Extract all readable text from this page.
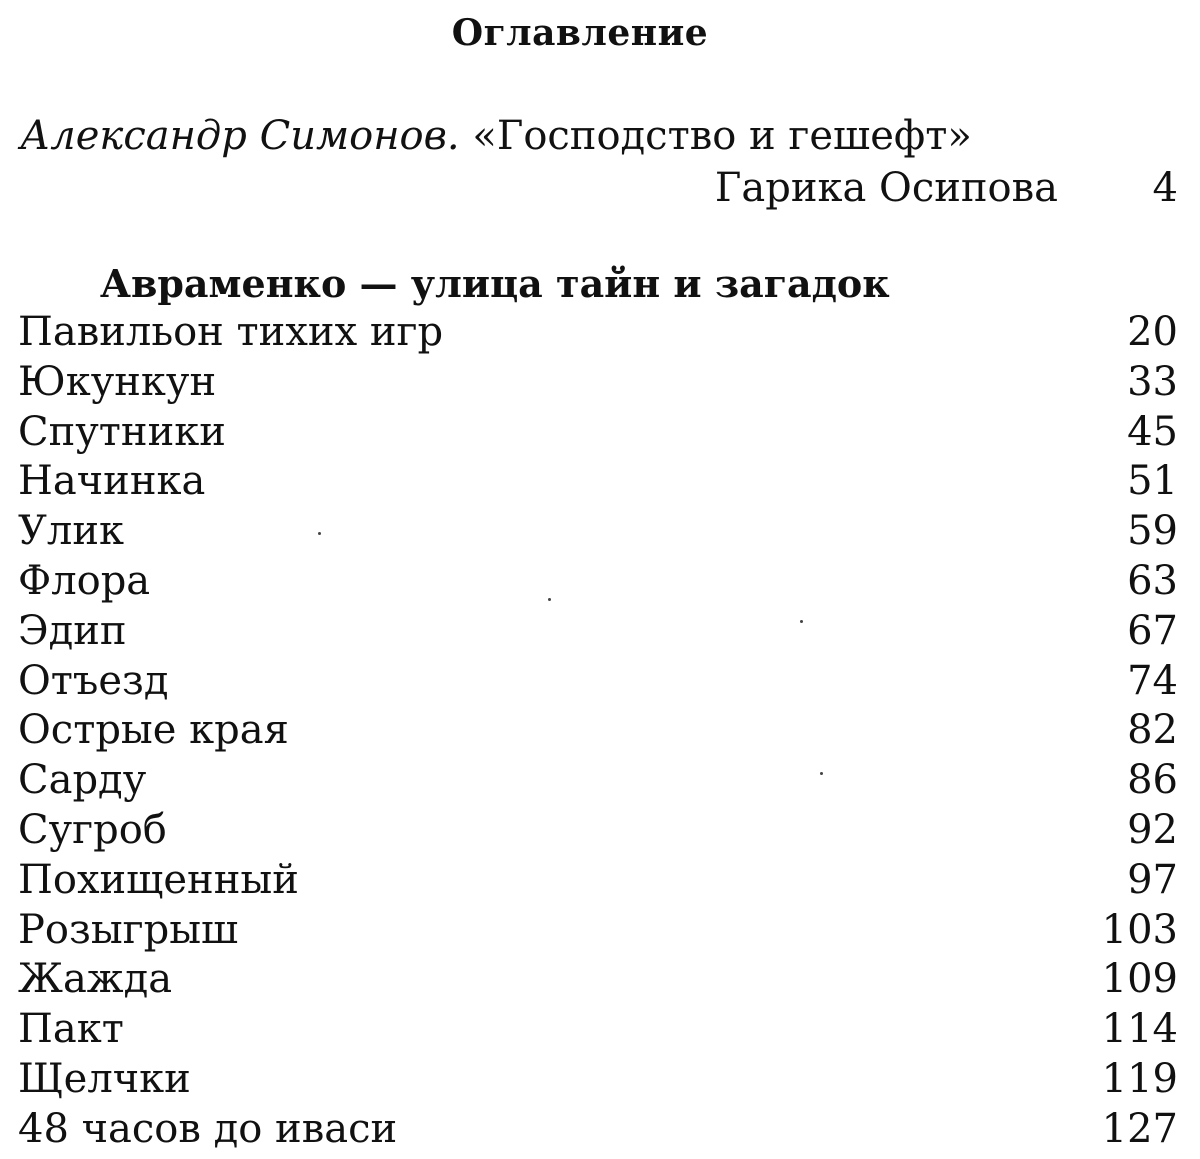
Оглавление
Александр Симонов. «Господство и гешефт»
Гарика Осипова 4
Авраменко — улица тайн и загадок
Павильон тихих игр	20
Юкункун	33
Спутники	45
Начинка	51
Улик	59
Флора	63
Эдип	67
Отъезд	74
Острые края	82
Сарду	86
Сугроб	92
Похищенный	97
Розыгрыш	103
Жажда	109
Пакт	114
Щелчки	119
48 часов до иваси	127
